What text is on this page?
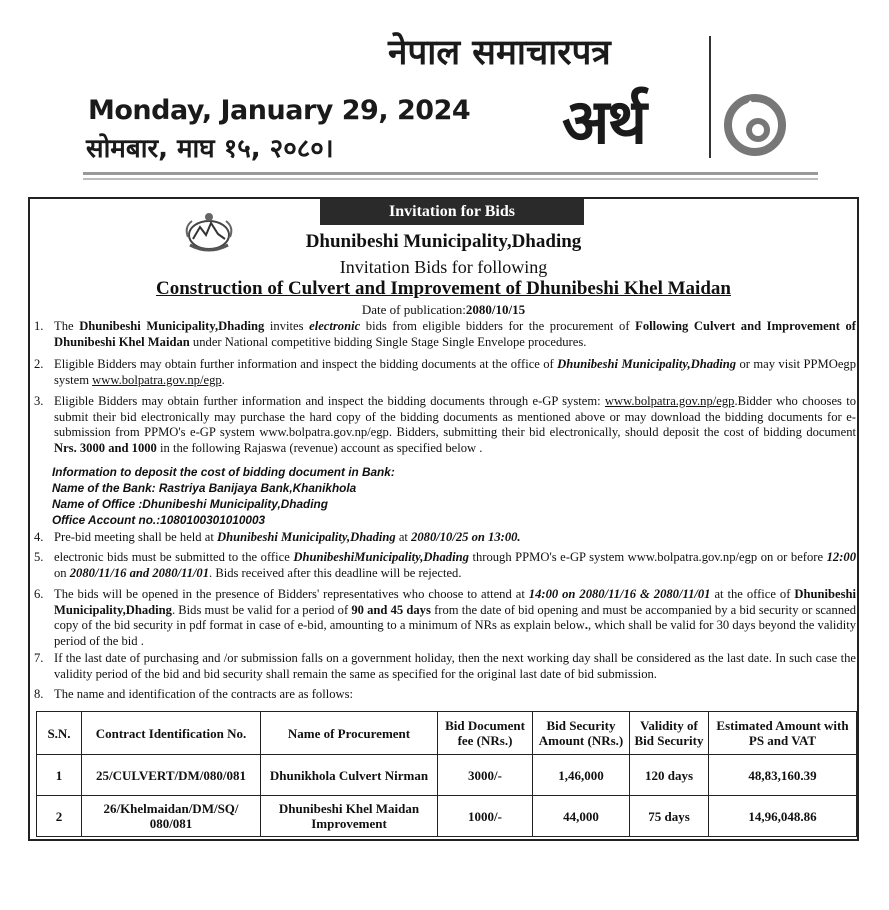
नेपाल समाचारपत्र
Monday, January 29, 2024
सोमबार, माघ १५, २०८०।	अर्थ
Invitation for Bids
Dhunibeshi Municipality,Dhading
Invitation Bids for following
Construction of Culvert and Improvement of Dhunibeshi Khel Maidan
Date of publication:2080/10/15
1. The Dhunibeshi Municipality,Dhading invites electronic bids from eligible bidders for the procurement of Following Culvert and Improvement of Dhunibeshi Khel Maidan under National competitive bidding Single Stage Single Envelope procedures.
2. Eligible Bidders may obtain further information and inspect the bidding documents at the office of Dhunibeshi Municipality,Dhading or may visit PPMOegp system www.bolpatra.gov.np/egp.
3. Eligible Bidders may obtain further information and inspect the bidding documents through e-GP system: www.bolpatra.gov.np/egp.Bidder who chooses to submit their bid electronically may purchase the hard copy of the bidding documents as mentioned above or may download the bidding documents for e-submission from PPMO's e-GP system www.bolpatra.gov.np/egp. Bidders, submitting their bid electronically, should deposit the cost of bidding document Nrs. 3000 and 1000 in the following Rajaswa (revenue) account as specified below .
Information to deposit the cost of bidding document in Bank:
Name of the Bank: Rastriya Banijaya Bank,Khanikhola
Name of Office :Dhunibeshi Municipality,Dhading
Office Account no.:1080100301010003
4. Pre-bid meeting shall be held at Dhunibeshi Municipality,Dhading at 2080/10/25 on 13:00.
5. electronic bids must be submitted to the office DhunibeshiMunicipality,Dhading through PPMO's e-GP system www.bolpatra.gov.np/egp on or before 12:00 on 2080/11/16 and 2080/11/01. Bids received after this deadline will be rejected.
6. The bids will be opened in the presence of Bidders' representatives who choose to attend at 14:00 on 2080/11/16 & 2080/11/01 at the office of Dhunibeshi Municipality,Dhading. Bids must be valid for a period of 90 and 45 days from the date of bid opening and must be accompanied by a bid security or scanned copy of the bid security in pdf format in case of e-bid, amounting to a minimum of NRs as explain below., which shall be valid for 30 days beyond the validity period of the bid .
7. If the last date of purchasing and /or submission falls on a government holiday, then the next working day shall be considered as the last date. In such case the validity period of the bid and bid security shall remain the same as specified for the original last date of bid submission.
8. The name and identification of the contracts are as follows:
S.N.	Contract Identification No.	Name of Procurement	Bid Document fee (NRs.)	Bid Security Amount (NRs.)	Validity of Bid Security	Estimated Amount with PS and VAT
1	25/CULVERT/DM/080/081	Dhunikhola Culvert Nirman	3000/-	1,46,000	120 days	48,83,160.39
2	26/Khelmaidan/DM/SQ/ 080/081	Dhunibeshi Khel Maidan Improvement	1000/-	44,000	75 days	14,96,048.86
